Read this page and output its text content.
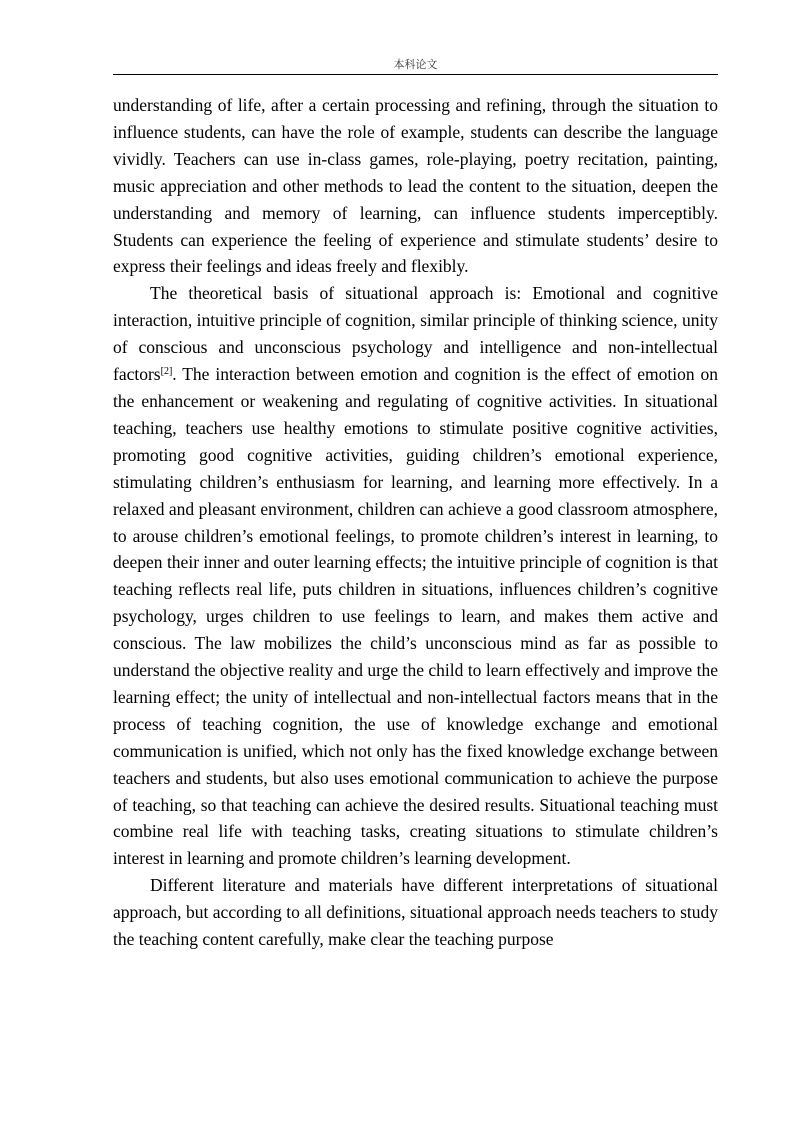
本科论文

understanding of life, after a certain processing and refining, through the situation to influence students, can have the role of example, students can describe the language vividly. Teachers can use in-class games, role-playing, poetry recitation, painting, music appreciation and other methods to lead the content to the situation, deepen the understanding and memory of learning, can influence students imperceptibly. Students can experience the feeling of experience and stimulate students’ desire to express their feelings and ideas freely and flexibly.

The theoretical basis of situational approach is: Emotional and cognitive interaction, intuitive principle of cognition, similar principle of thinking science, unity of conscious and unconscious psychology and intelligence and non-intellectual factors[2]. The interaction between emotion and cognition is the effect of emotion on the enhancement or weakening and regulating of cognitive activities. In situational teaching, teachers use healthy emotions to stimulate positive cognitive activities, promoting good cognitive activities, guiding children’s emotional experience, stimulating children’s enthusiasm for learning, and learning more effectively. In a relaxed and pleasant environment, children can achieve a good classroom atmosphere, to arouse children’s emotional feelings, to promote children’s interest in learning, to deepen their inner and outer learning effects; the intuitive principle of cognition is that teaching reflects real life, puts children in situations, influences children’s cognitive psychology, urges children to use feelings to learn, and makes them active and conscious. The law mobilizes the child’s unconscious mind as far as possible to understand the objective reality and urge the child to learn effectively and improve the learning effect; the unity of intellectual and non-intellectual factors means that in the process of teaching cognition, the use of knowledge exchange and emotional communication is unified, which not only has the fixed knowledge exchange between teachers and students, but also uses emotional communication to achieve the purpose of teaching, so that teaching can achieve the desired results. Situational teaching must combine real life with teaching tasks, creating situations to stimulate children’s interest in learning and promote children’s learning development.

Different literature and materials have different interpretations of situational approach, but according to all definitions, situational approach needs teachers to study the teaching content carefully, make clear the teaching purpose
